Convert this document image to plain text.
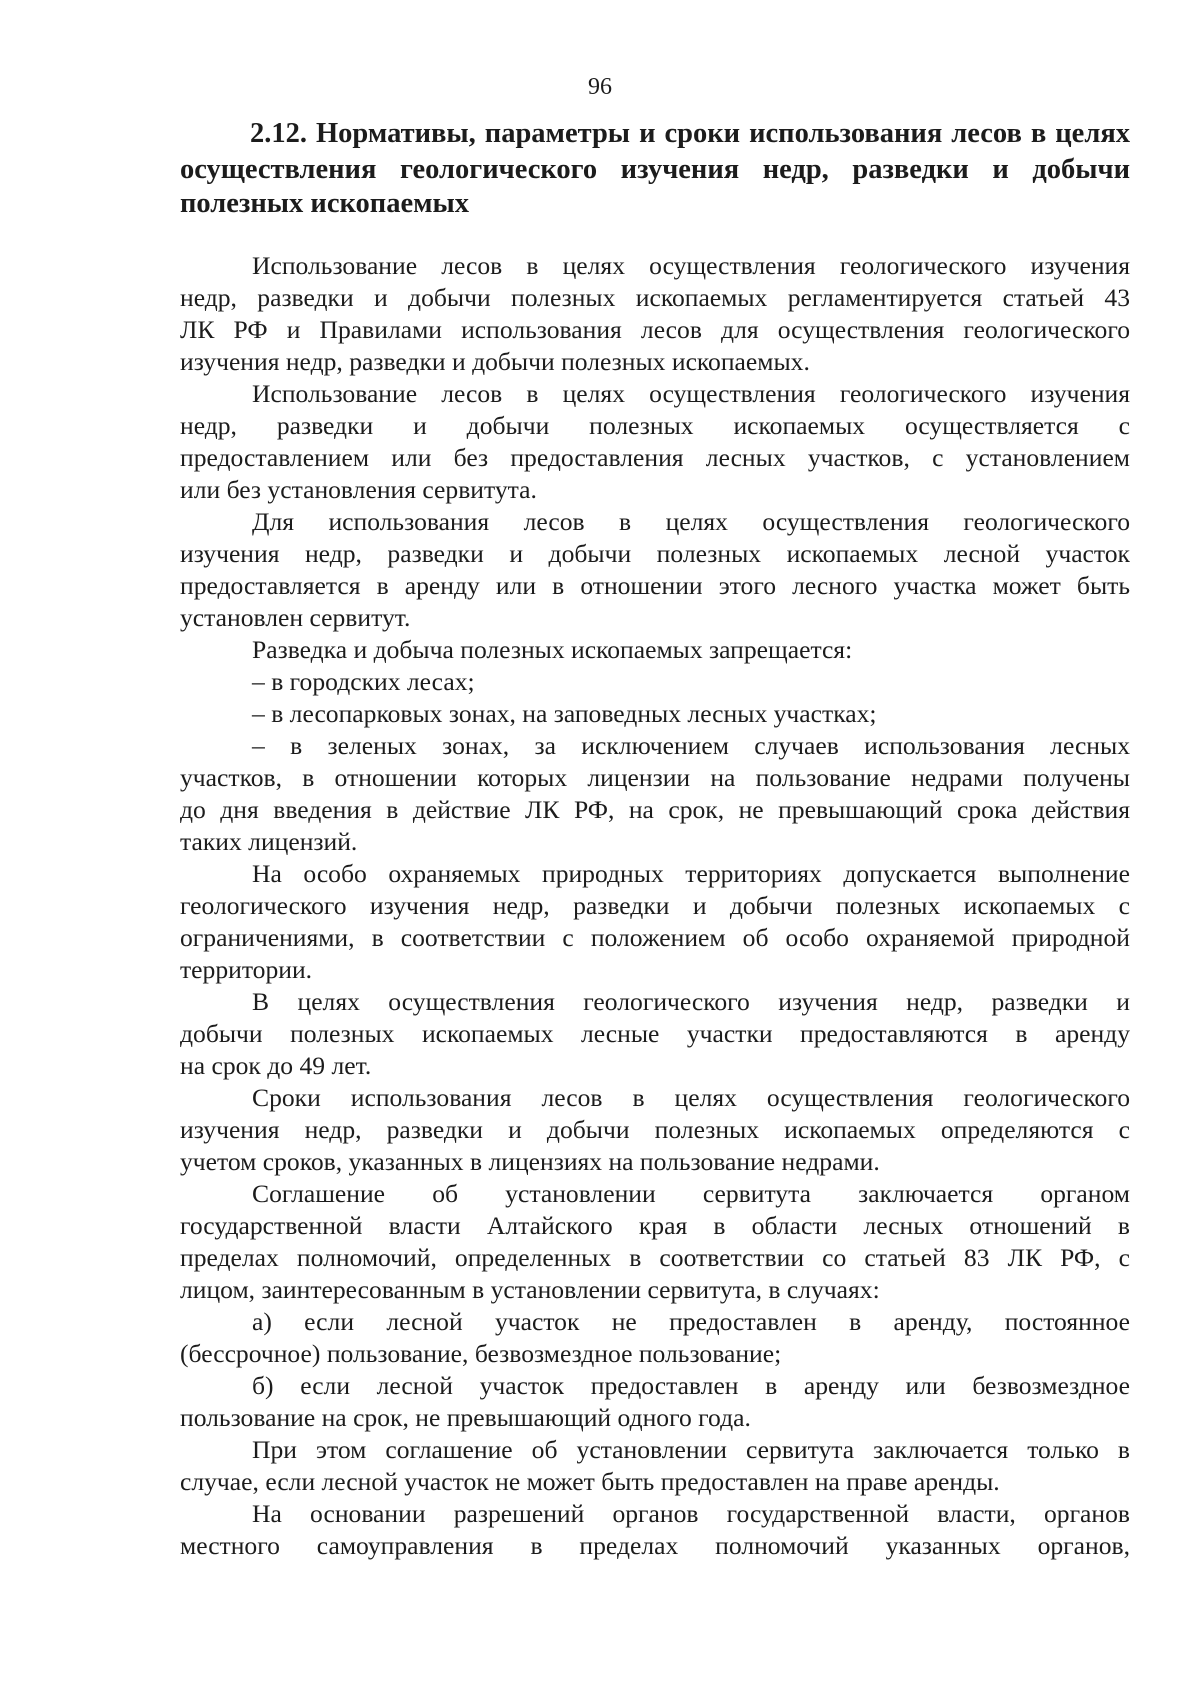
96
2.12. Нормативы, параметры и сроки использования лесов в целях
осуществления геологического изучения недр, разведки и добычи
полезных ископаемых

Использование лесов в целях осуществления геологического изучения

недр, разведки и добычи полезных ископаемых регламентируется статьей 43

ЛК РФ и Правилами использования лесов для осуществления геологического

изучения недр, разведки и добычи полезных ископаемых.

Использование лесов в целях осуществления геологического изучения

недр, разведки и добычи полезных ископаемых осуществляется с

предоставлением или без предоставления лесных участков, с установлением

или без установления сервитута.

Для использования лесов в целях осуществления геологического

изучения недр, разведки и добычи полезных ископаемых лесной участок

предоставляется в аренду или в отношении этого лесного участка может быть

установлен сервитут.

Разведка и добыча полезных ископаемых запрещается:

– в городских лесах;

– в лесопарковых зонах, на заповедных лесных участках;

– в зеленых зонах, за исключением случаев использования лесных

участков, в отношении которых лицензии на пользование недрами получены

до дня введения в действие ЛК РФ, на срок, не превышающий срока действия

таких лицензий.

На особо охраняемых природных территориях допускается выполнение

геологического изучения недр, разведки и добычи полезных ископаемых с

ограничениями, в соответствии с положением об особо охраняемой природной

территории.

В целях осуществления геологического изучения недр, разведки и

добычи полезных ископаемых лесные участки предоставляются в аренду

на срок до 49 лет.

Сроки использования лесов в целях осуществления геологического

изучения недр, разведки и добычи полезных ископаемых определяются с

учетом сроков, указанных в лицензиях на пользование недрами.

Соглашение об установлении сервитута заключается органом

государственной власти Алтайского края в области лесных отношений в

пределах полномочий, определенных в соответствии со статьей 83 ЛК РФ, с

лицом, заинтересованным в установлении сервитута, в случаях:

а) если лесной участок не предоставлен в аренду, постоянное

(бессрочное) пользование, безвозмездное пользование;

б) если лесной участок предоставлен в аренду или безвозмездное

пользование на срок, не превышающий одного года.

При этом соглашение об установлении сервитута заключается только в

случае, если лесной участок не может быть предоставлен на праве аренды.

На основании разрешений органов государственной власти, органов

местного самоуправления в пределах полномочий указанных органов,
